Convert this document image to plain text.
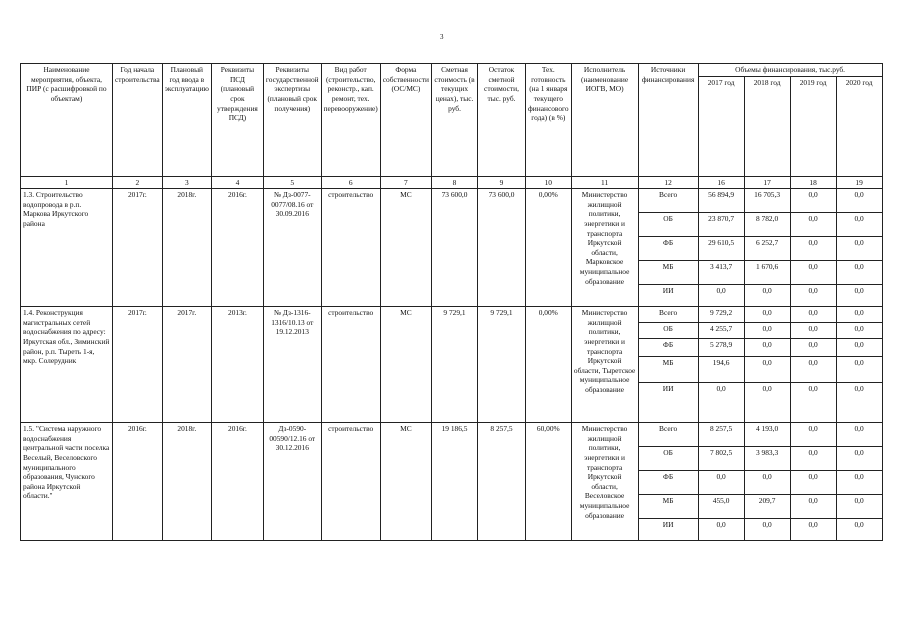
3
Наименование мероприятия, объекта, ПИР (с расшифровкой по объектам)	Год начала строительства	Плановый год ввода в эксплуатацию	Реквизиты ПСД (плановый срок утверждения ПСД)	Реквизиты государственной экспертизы (плановый срок получения)	Вид работ (строительство, реконстр., кап. ремонт, тех. перевооружение)	Форма собственности (ОС/МС)	Сметная стоимость (в текущих ценах), тыс. руб.	Остаток сметной стоимости, тыс. руб.	Тех. готовность (на 1 января текущего финансового года) (в %)	Исполнитель (наименование ИОГВ, МО)	Источники финансирования	Объемы финансирования, тыс.руб.			
												2017 год	2018 год	2019 год	2020 год
1	2	3	4	5	6	7	8	9	10	11	12	16	17	18	19
1.3. Строительство водопровода в р.п. Маркова Иркутского района	2017г.	2018г.	2016г.	№ Дз-0077-0077/08.16 от 30.09.2016	строительство	МС	73 600,0	73 600,0	0,00%	Министерство жилищной политики, энергетики и транспорта Иркутской области, Марковское муниципальное образование	Всего	56 894,9	16 705,3	0,0	0,0
											ОБ	23 870,7	8 782,0	0,0	0,0
											ФБ	29 610,5	6 252,7	0,0	0,0
											МБ	3 413,7	1 670,6	0,0	0,0
											ИИ	0,0	0,0	0,0	0,0
1.4. Реконструкция магистральных сетей водоснабжения по адресу: Иркутская обл., Зиминский район, р.п. Тыреть 1-я, мкр. Солерудник	2017г.	2017г.	2013г.	№ Дз-1316-1316/10.13 от 19.12.2013	строительство	МС	9 729,1	9 729,1	0,00%	Министерство жилищной политики, энергетики и транспорта Иркутской области, Тыретское муниципальное образование	Всего	9 729,2	0,0	0,0	0,0
											ОБ	4 255,7	0,0	0,0	0,0
											ФБ	5 278,9	0,0	0,0	0,0
											МБ	194,6	0,0	0,0	0,0
											ИИ	0,0	0,0	0,0	0,0
1.5. "Система наружного водоснабжения центральной части поселка Веселый, Веселовского муниципального образования, Чунского района Иркутской области."	2016г.	2018г.	2016г.	Дз-0590-00590/12.16 от 30.12.2016	строительство	МС	19 186,5	8 257,5	60,00%	Министерство жилищной политики, энергетики и транспорта Иркутской области, Веселовское муниципальное образование	Всего	8 257,5	4 193,0	0,0	0,0
											ОБ	7 802,5	3 983,3	0,0	0,0
											ФБ	0,0	0,0	0,0	0,0
											МБ	455,0	209,7	0,0	0,0
											ИИ	0,0	0,0	0,0	0,0
